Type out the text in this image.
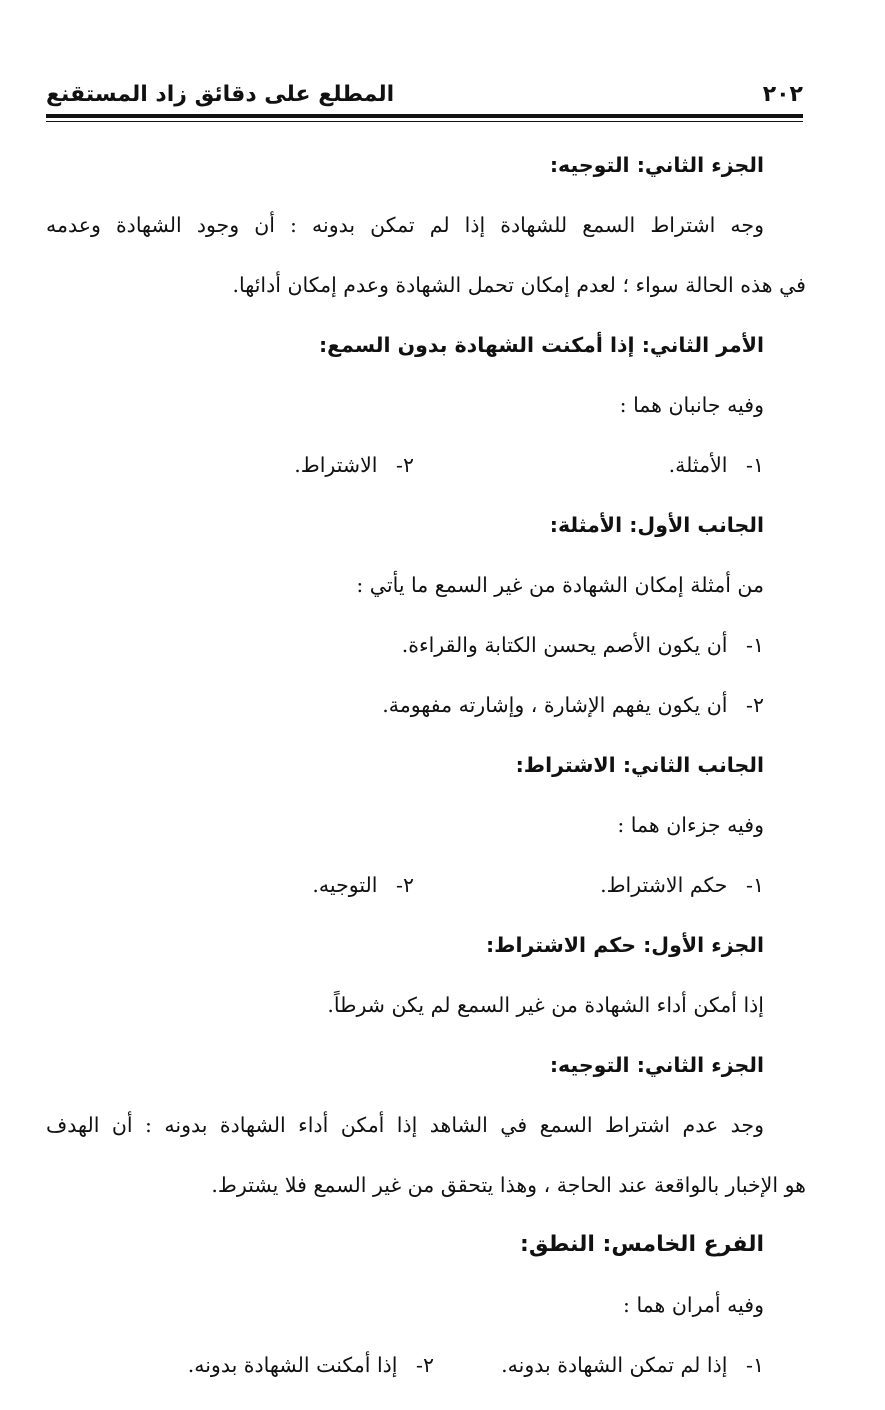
٢٠٢
المطلع على دقائق زاد المستقنع
الجزء الثاني: التوجيه:
وجه اشتراط السمع للشهادة إذا لم تمكن بدونه : أن وجود الشهادة وعدمه
في هذه الحالة سواء ؛ لعدم إمكان تحمل الشهادة وعدم إمكان أدائها.
الأمر الثاني: إذا أمكنت الشهادة بدون السمع:
وفيه جانبان هما :
١- الأمثلة.
٢- الاشتراط.
الجانب الأول: الأمثلة:
من أمثلة إمكان الشهادة من غير السمع ما يأتي :
١- أن يكون الأصم يحسن الكتابة والقراءة.
٢- أن يكون يفهم الإشارة ، وإشارته مفهومة.
الجانب الثاني: الاشتراط:
وفيه جزءان هما :
١- حكم الاشتراط.
٢- التوجيه.
الجزء الأول: حكم الاشتراط:
إذا أمكن أداء الشهادة من غير السمع لم يكن شرطاً.
الجزء الثاني: التوجيه:
وجد عدم اشتراط السمع في الشاهد إذا أمكن أداء الشهادة بدونه : أن الهدف
هو الإخبار بالواقعة عند الحاجة ، وهذا يتحقق من غير السمع فلا يشترط.
الفرع الخامس: النطق:
وفيه أمران هما :
١- إذا لم تمكن الشهادة بدونه.
٢- إذا أمكنت الشهادة بدونه.
